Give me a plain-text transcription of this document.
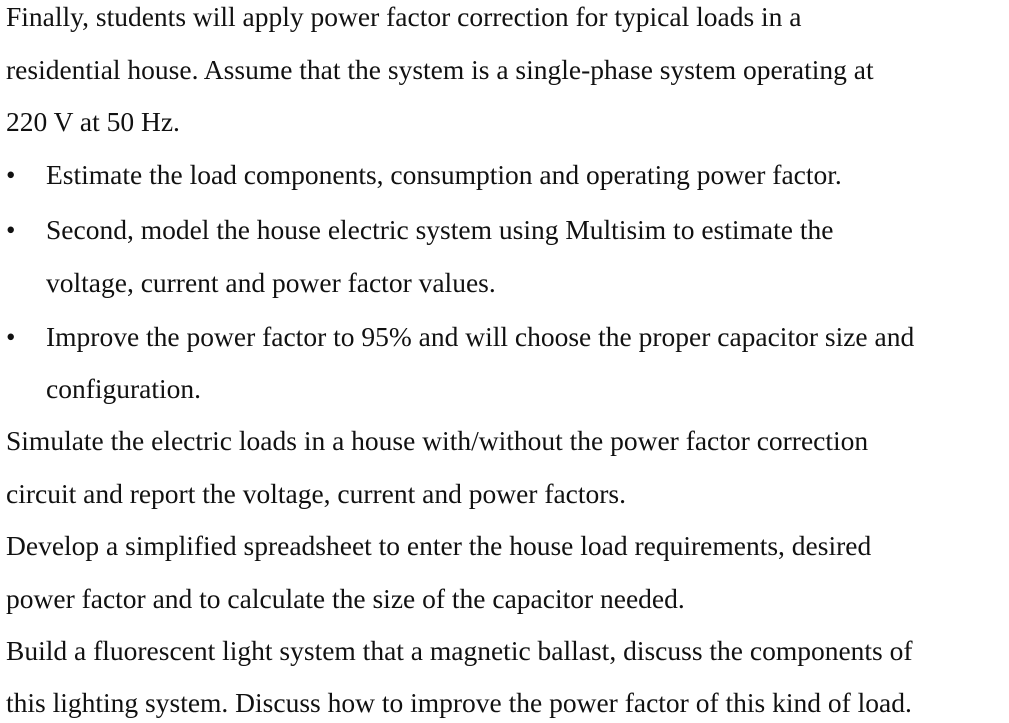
Finally, students will apply power factor correction for typical loads in a
residential house. Assume that the system is a single-phase system operating at
220 V at 50 Hz.
• Estimate the load components, consumption and operating power factor.
• Second, model the house electric system using Multisim to estimate the
voltage, current and power factor values.
• Improve the power factor to 95% and will choose the proper capacitor size and
configuration.
Simulate the electric loads in a house with/without the power factor correction
circuit and report the voltage, current and power factors.
Develop a simplified spreadsheet to enter the house load requirements, desired
power factor and to calculate the size of the capacitor needed.
Build a fluorescent light system that a magnetic ballast, discuss the components of
this lighting system. Discuss how to improve the power factor of this kind of load.
